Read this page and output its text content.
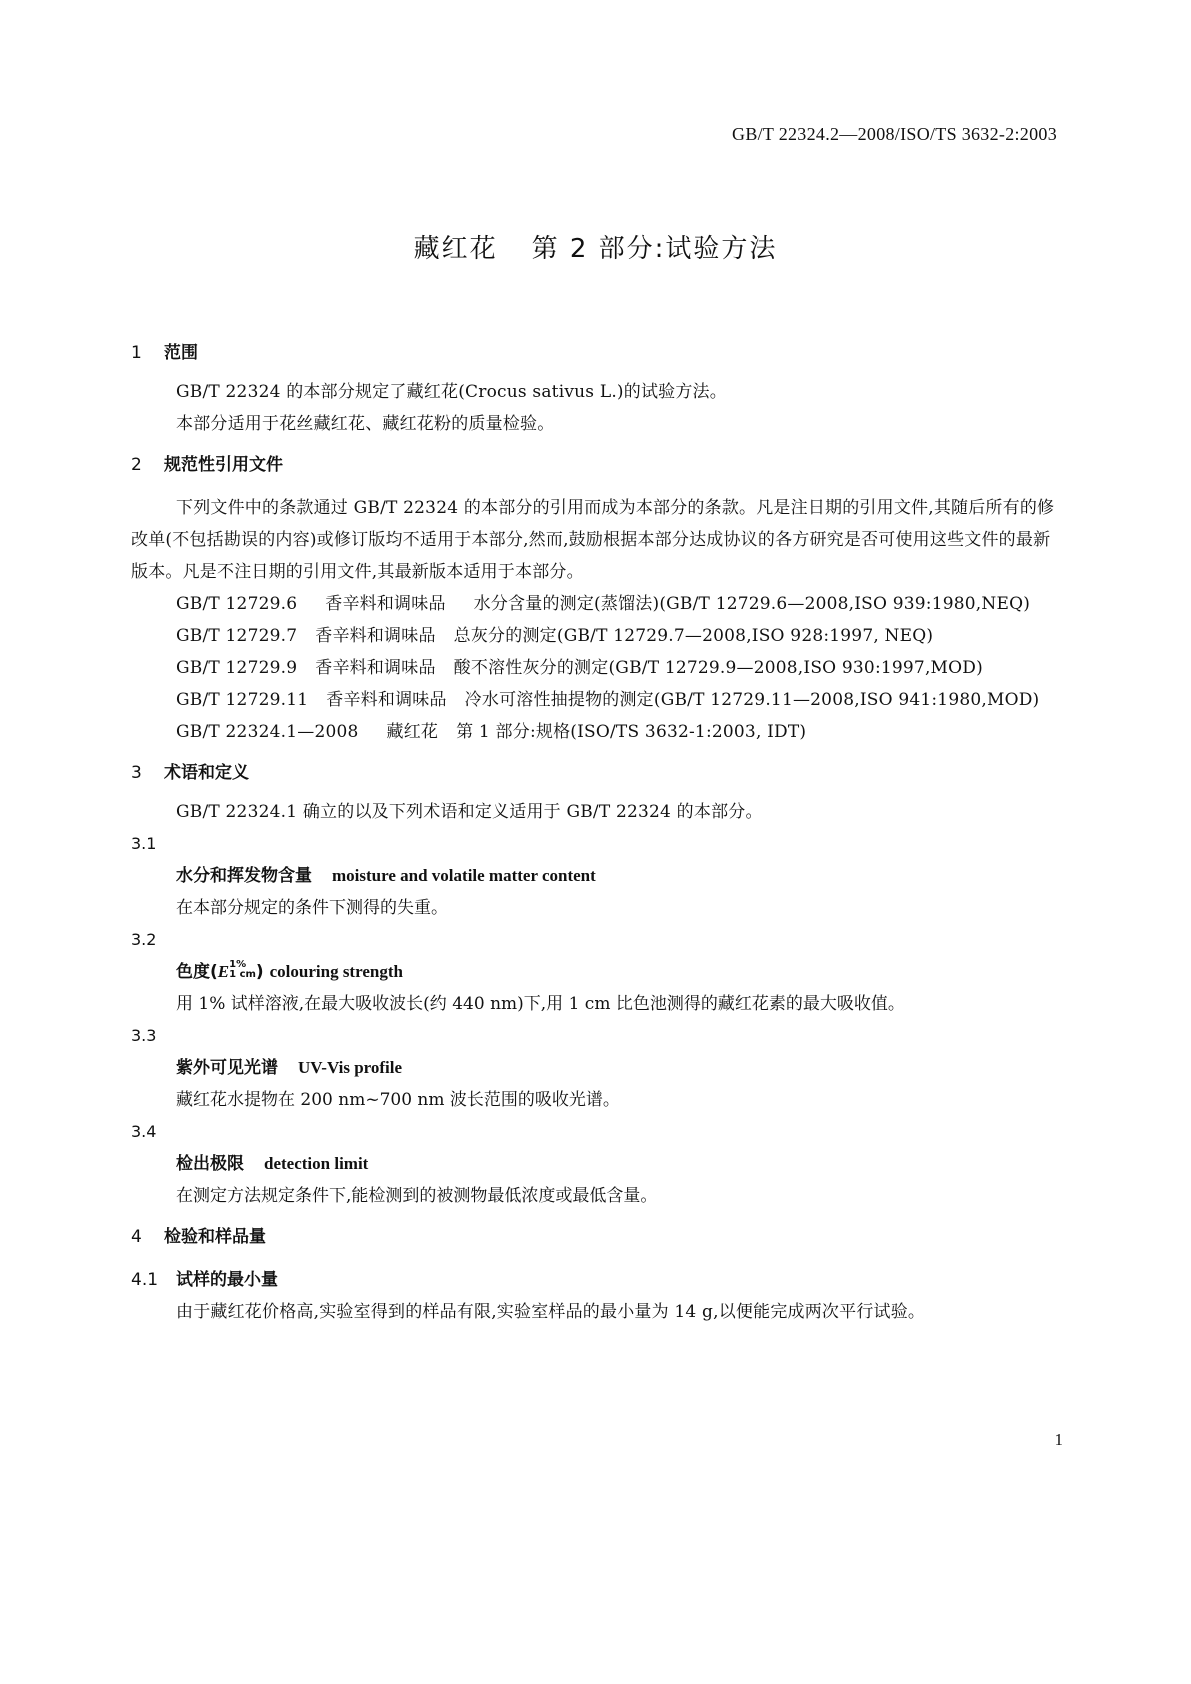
GB/T 22324.2—2008/ISO/TS 3632-2:2003
藏红花 第 2 部分:试验方法
1 范围

GB/T 22324 的本部分规定了藏红花(Crocus sativus L.)的试验方法。

本部分适用于花丝藏红花、藏红花粉的质量检验。

2 规范性引用文件

下列文件中的条款通过 GB/T 22324 的本部分的引用而成为本部分的条款。凡是注日期的引用文件,其随后所有的修改单(不包括勘误的内容)或修订版均不适用于本部分,然而,鼓励根据本部分达成协议的各方研究是否可使用这些文件的最新版本。凡是不注日期的引用文件,其最新版本适用于本部分。

GB/T 12729.6 香辛料和调味品 水分含量的测定(蒸馏法)(GB/T 12729.6—2008,ISO 939:1980,NEQ)

GB/T 12729.7 香辛料和调味品 总灰分的测定(GB/T 12729.7—2008,ISO 928:1997, NEQ)

GB/T 12729.9 香辛料和调味品 酸不溶性灰分的测定(GB/T 12729.9—2008,ISO 930:1997,MOD)

GB/T 12729.11 香辛料和调味品 冷水可溶性抽提物的测定(GB/T 12729.11—2008,ISO 941:1980,MOD)

GB/T 22324.1—2008 藏红花 第 1 部分:规格(ISO/TS 3632-1:2003, IDT)

3 术语和定义

GB/T 22324.1 确立的以及下列术语和定义适用于 GB/T 22324 的本部分。

3.1

水分和挥发物含量 moisture and volatile matter content

在本部分规定的条件下测得的失重。

3.2

色度(E 1%
1 cm ) colouring strength

用 1% 试样溶液,在最大吸收波长(约 440 nm)下,用 1 cm 比色池测得的藏红花素的最大吸收值。

3.3

紫外可见光谱 UV-Vis profile

藏红花水提物在 200 nm~700 nm 波长范围的吸收光谱。

3.4

检出极限 detection limit

在测定方法规定条件下,能检测到的被测物最低浓度或最低含量。

4 检验和样品量
4.1 试样的最小量

由于藏红花价格高,实验室得到的样品有限,实验室样品的最小量为 14 g,以便能完成两次平行试验。

1
